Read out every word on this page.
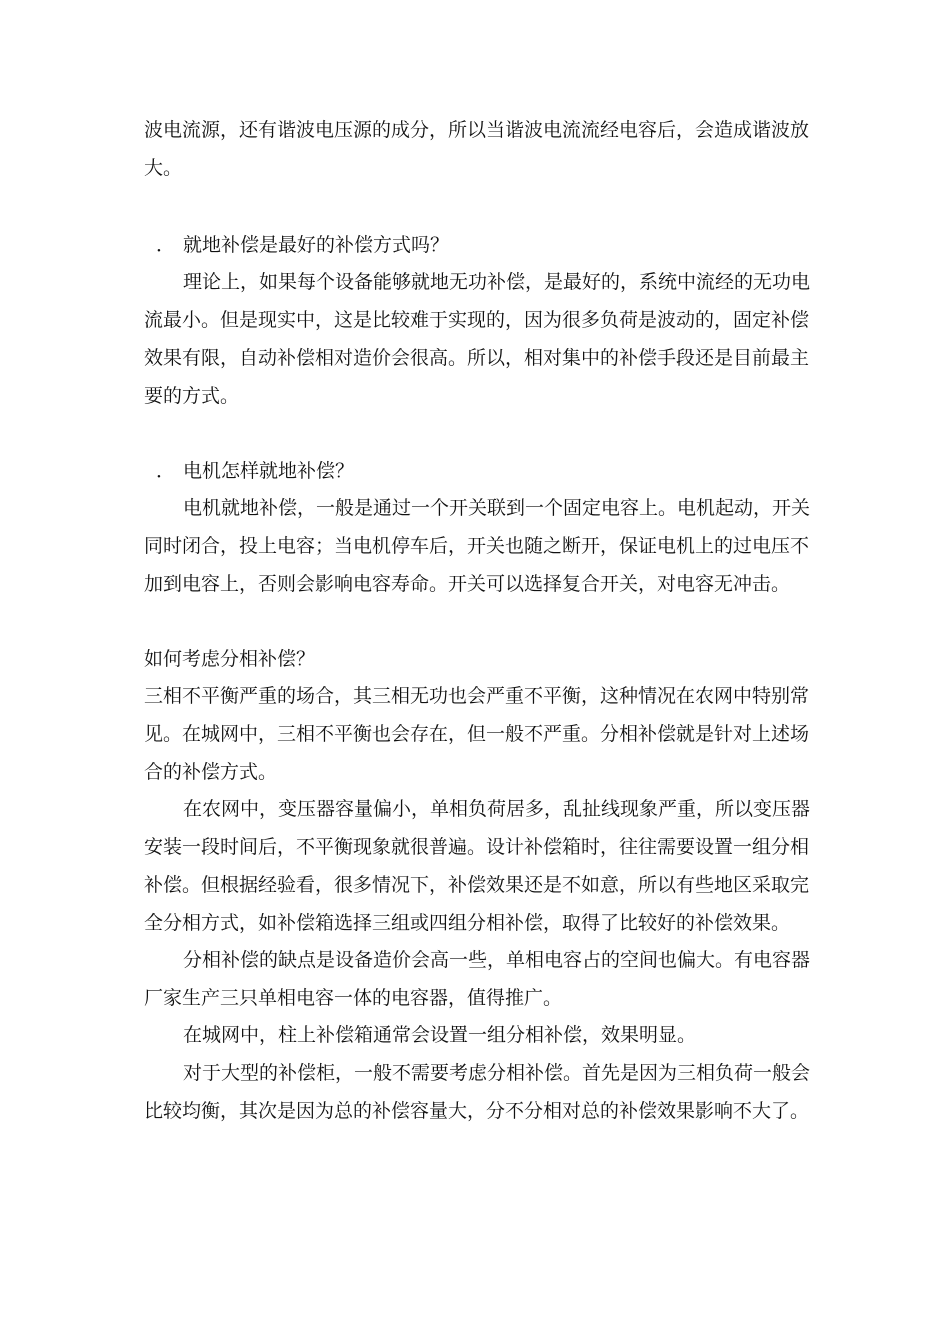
波电流源，还有谐波电压源的成分，所以当谐波电流流经电容后，会造成谐波放
大。
． 就地补偿是最好的补偿方式吗？
理论上，如果每个设备能够就地无功补偿，是最好的，系统中流经的无功电
流最小。但是现实中，这是比较难于实现的，因为很多负荷是波动的，固定补偿
效果有限，自动补偿相对造价会很高。所以，相对集中的补偿手段还是目前最主
要的方式。
． 电机怎样就地补偿？
电机就地补偿，一般是通过一个开关联到一个固定电容上。电机起动，开关
同时闭合，投上电容；当电机停车后，开关也随之断开，保证电机上的过电压不
加到电容上，否则会影响电容寿命。开关可以选择复合开关，对电容无冲击。
如何考虑分相补偿？
三相不平衡严重的场合，其三相无功也会严重不平衡，这种情况在农网中特别常
见。在城网中，三相不平衡也会存在，但一般不严重。分相补偿就是针对上述场
合的补偿方式。
在农网中，变压器容量偏小，单相负荷居多，乱扯线现象严重，所以变压器
安装一段时间后，不平衡现象就很普遍。设计补偿箱时，往往需要设置一组分相
补偿。但根据经验看，很多情况下，补偿效果还是不如意，所以有些地区采取完
全分相方式，如补偿箱选择三组或四组分相补偿，取得了比较好的补偿效果。
分相补偿的缺点是设备造价会高一些，单相电容占的空间也偏大。有电容器
厂家生产三只单相电容一体的电容器，值得推广。
在城网中，柱上补偿箱通常会设置一组分相补偿，效果明显。
对于大型的补偿柜，一般不需要考虑分相补偿。首先是因为三相负荷一般会
比较均衡，其次是因为总的补偿容量大，分不分相对总的补偿效果影响不大了。
